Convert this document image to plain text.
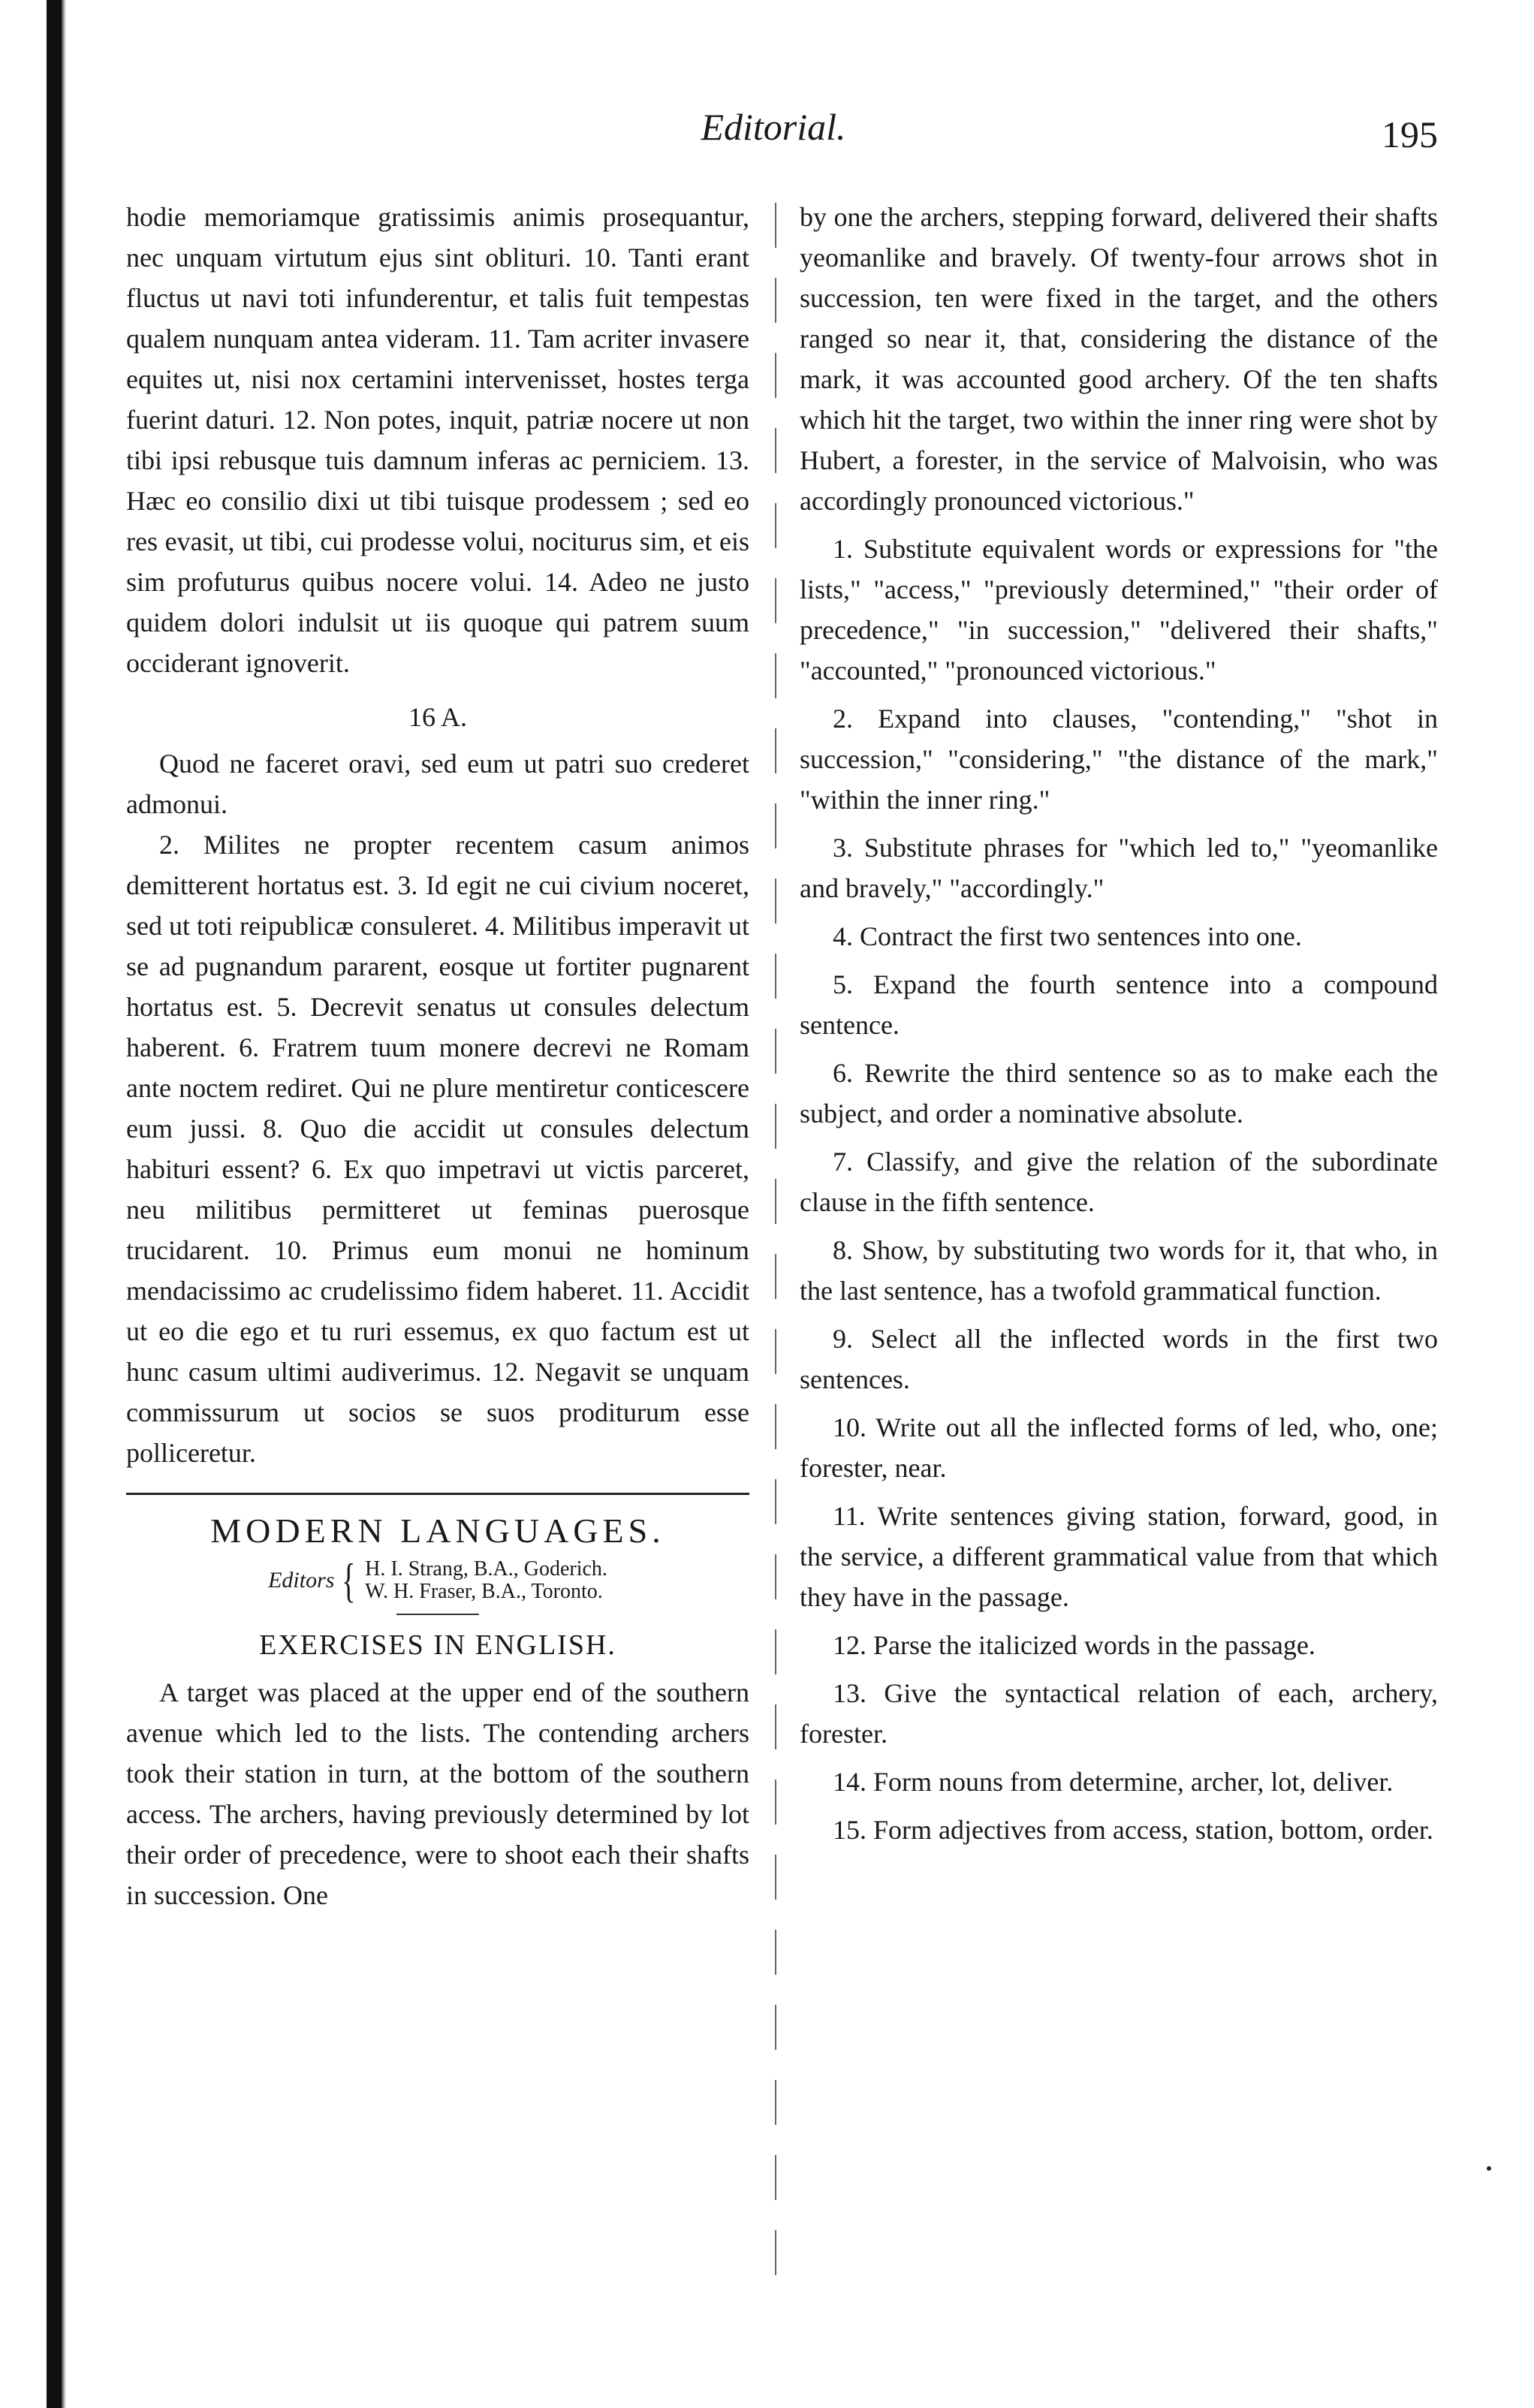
Editorial.	195

hodie memoriamque gratissimis animis prosequantur, nec unquam virtutum ejus sint oblituri. 10. Tanti erant fluctus ut navi toti infunderentur, et talis fuit tempestas qualem nunquam antea videram. 11. Tam acriter invasere equites ut, nisi nox certamini intervenisset, hostes terga fuerint daturi. 12. Non potes, inquit, patriæ nocere ut non tibi ipsi rebusque tuis damnum inferas ac perniciem. 13. Hæc eo consilio dixi ut tibi tuisque prodessem ; sed eo res evasit, ut tibi, cui prodesse volui, nociturus sim, et eis sim profuturus quibus nocere volui. 14. Adeo ne justo quidem dolori indulsit ut iis quoque qui patrem suum occiderant ignoverit.

16 A.

Quod ne faceret oravi, sed eum ut patri suo crederet admonui.

2. Milites ne propter recentem casum animos demitterent hortatus est. 3. Id egit ne cui civium noceret, sed ut toti reipublicæ consuleret. 4. Militibus imperavit ut se ad pugnandum pararent, eosque ut fortiter pugnarent hortatus est. 5. Decrevit senatus ut consules delectum haberent. 6. Fratrem tuum monere decrevi ne Romam ante noctem rediret. Qui ne plure mentiretur conticescere eum jussi. 8. Quo die accidit ut consules delectum habituri essent? 6. Ex quo impetravi ut victis parceret, neu militibus permitteret ut feminas puerosque trucidarent. 10. Primus eum monui ne hominum mendacissimo ac crudelissimo fidem haberet. 11. Accidit ut eo die ego et tu ruri essemus, ex quo factum est ut hunc casum ultimi audiverimus. 12. Negavit se unquam commissurum ut socios se suos proditurum esse polliceretur.

MODERN LANGUAGES.
Editors { H. I. Strang, B.A., Goderich.
W. H. Fraser, B.A., Toronto.
EXERCISES IN ENGLISH.

A target was placed at the upper end of the southern avenue which led to the lists. The contending archers took their station in turn, at the bottom of the southern access. The archers, having previously determined by lot their order of precedence, were to shoot each their shafts in succession. One

by one the archers, stepping forward, delivered their shafts yeomanlike and bravely. Of twenty-four arrows shot in succession, ten were fixed in the target, and the others ranged so near it, that, considering the distance of the mark, it was accounted good archery. Of the ten shafts which hit the target, two within the inner ring were shot by Hubert, a forester, in the service of Malvoisin, who was accordingly pronounced victorious."

1. Substitute equivalent words or expressions for "the lists," "access," "previously determined," "their order of precedence," "in succession," "delivered their shafts," "accounted," "pronounced victorious."

2. Expand into clauses, "contending," "shot in succession," "considering," "the distance of the mark," "within the inner ring."

3. Substitute phrases for "which led to," "yeomanlike and bravely," "accordingly."

4. Contract the first two sentences into one.

5. Expand the fourth sentence into a compound sentence.

6. Rewrite the third sentence so as to make each the subject, and order a nominative absolute.

7. Classify, and give the relation of the subordinate clause in the fifth sentence.

8. Show, by substituting two words for it, that who, in the last sentence, has a twofold grammatical function.

9. Select all the inflected words in the first two sentences.

10. Write out all the inflected forms of led, who, one; forester, near.

11. Write sentences giving station, forward, good, in the service, a different grammatical value from that which they have in the passage.

12. Parse the italicized words in the passage.

13. Give the syntactical relation of each, archery, forester.

14. Form nouns from determine, archer, lot, deliver.

15. Form adjectives from access, station, bottom, order.
